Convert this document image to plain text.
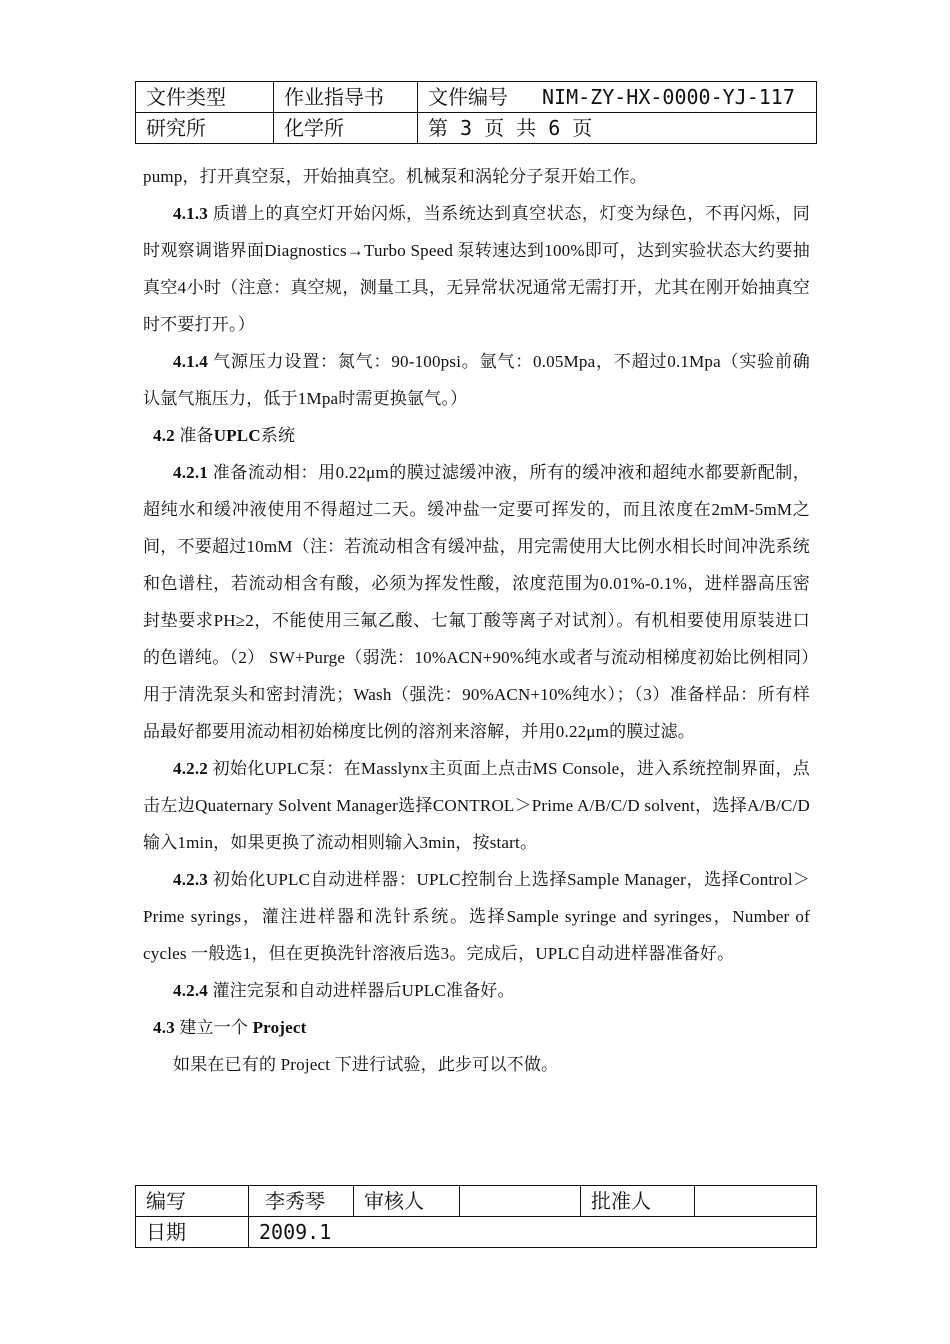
文件类型	作业指导书	文件编号 NIM-ZY-HX-0000-YJ-117
研究所	化学所	第 3 页 共 6 页

pump，打开真空泵，开始抽真空。机械泵和涡轮分子泵开始工作。

4.1.3 质谱上的真空灯开始闪烁，当系统达到真空状态，灯变为绿色，不再闪烁，同时观察调谐界面Diagnostics→Turbo Speed 泵转速达到100%即可，达到实验状态大约要抽真空4小时（注意：真空规，测量工具，无异常状况通常无需打开，尤其在刚开始抽真空时不要打开。）

4.1.4 气源压力设置：氮气：90-100psi。氩气：0.05Mpa，不超过0.1Mpa（实验前确认氩气瓶压力，低于1Mpa时需更换氩气。）

4.2 准备UPLC系统

4.2.1 准备流动相：用0.22μm的膜过滤缓冲液，所有的缓冲液和超纯水都要新配制，超纯水和缓冲液使用不得超过二天。缓冲盐一定要可挥发的，而且浓度在2mM-5mM之间，不要超过10mM（注：若流动相含有缓冲盐，用完需使用大比例水相长时间冲洗系统和色谱柱，若流动相含有酸，必须为挥发性酸，浓度范围为0.01%-0.1%，进样器高压密封垫要求PH≥2，不能使用三氟乙酸、七氟丁酸等离子对试剂）。有机相要使用原装进口的色谱纯。（2） SW+Purge（弱洗：10%ACN+90%纯水或者与流动相梯度初始比例相同）用于清洗泵头和密封清洗；Wash（强洗：90%ACN+10%纯水）；（3）准备样品：所有样品最好都要用流动相初始梯度比例的溶剂来溶解，并用0.22μm的膜过滤。

4.2.2 初始化UPLC泵：在Masslynx主页面上点击MS Console，进入系统控制界面，点击左边Quaternary Solvent Manager选择CONTROL＞Prime A/B/C/D solvent，选择A/B/C/D输入1min，如果更换了流动相则输入3min，按start。

4.2.3 初始化UPLC自动进样器：UPLC控制台上选择Sample Manager，选择Control＞Prime syrings，灌注进样器和洗针系统。选择Sample syringe and syringes，Number of cycles 一般选1，但在更换洗针溶液后选3。完成后，UPLC自动进样器准备好。

4.2.4 灌注完泵和自动进样器后UPLC准备好。

4.3 建立一个 Project

如果在已有的 Project 下进行试验，此步可以不做。

编写	李秀琴	审核人		批准人	
日期	2009.1				
